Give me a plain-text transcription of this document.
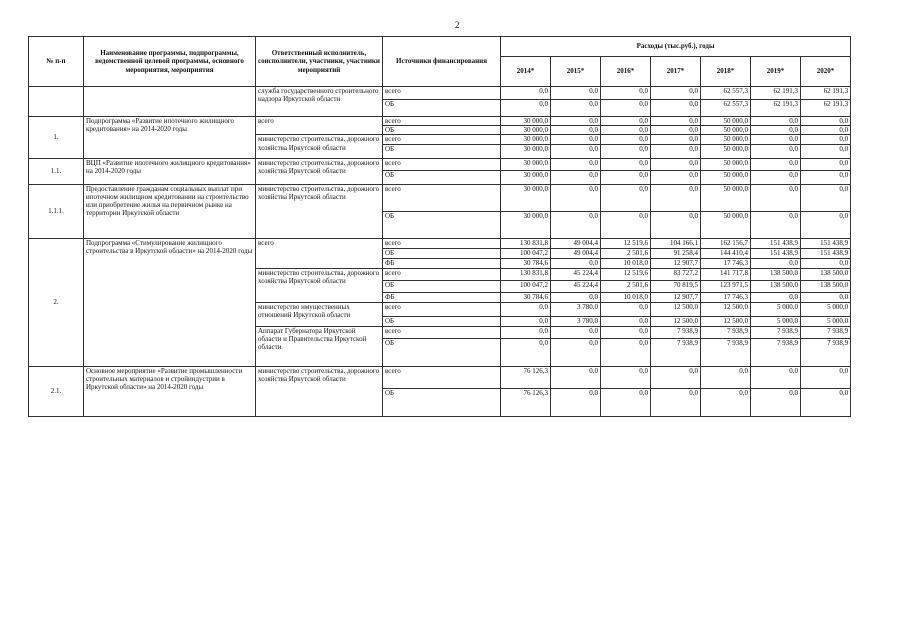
2
№ п-п	Наименование программы, подпрограммы, ведомственной целевой программы, основного мероприятия, мероприятия	Ответственный исполнитель, соисполнители, участники, участники мероприятий	Источники финансирования	Расходы (тыс.руб.), годы						
				2014*	2015*	2016*	2017*	2018*	2019*	2020*
		служба государственного строительного надзора Иркутской области	всего	0,0	0,0	0,0	0,0	62 557,3	62 191,3	62 191,3
			ОБ	0,0	0,0	0,0	0,0	62 557,3	62 191,3	62 191,3
1.	Подпрограмма «Развитие ипотечного жилищного кредитования» на 2014-2020 годы	всего	всего	30 000,0	0,0	0,0	0,0	50 000,0	0,0	0,0
			ОБ	30 000,0	0,0	0,0	0,0	50 000,0	0,0	0,0
		министерство строительства, дорожного хозяйства Иркутской области	всего	30 000,0	0,0	0,0	0,0	50 000,0	0,0	0,0
			ОБ	30 000,0	0,0	0,0	0,0	50 000,0	0,0	0,0
1.1.	ВЦП «Развитие ипотечного жилищного кредитования» на 2014-2020 годы	министерство строительства, дорожного хозяйства Иркутской области	всего	30 000,0	0,0	0,0	0,0	50 000,0	0,0	0,0
			ОБ	30 000,0	0,0	0,0	0,0	50 000,0	0,0	0,0
1.1.1.	Предоставление гражданам социальных выплат при ипотечном жилищном кредитовании на строительство или приобретение жилья на первичном рынке на территории Иркутской области	министерство строительства, дорожного хозяйства Иркутской области	всего	30 000,0	0,0	0,0	0,0	50 000,0	0,0	0,0
			ОБ	30 000,0	0,0	0,0	0,0	50 000,0	0,0	0,0
2.	Подпрограмма «Стимулирование жилищного строительства в Иркутской области» на 2014-2020 годы	всего	всего	130 831,8	49 004,4	12 519,6	104 166,1	162 156,7	151 438,9	151 438,9
			ОБ	100 047,2	49 004,4	2 501,6	91 258,4	144 410,4	151 438,9	151 438,9
			ФБ	30 784,6	0,0	10 018,0	12 907,7	17 746,3	0,0	0,0
		министерство строительства, дорожного хозяйства Иркутской области	всего	130 831,8	45 224,4	12 519,6	83 727,2	141 717,8	138 500,0	138 500,0
			ОБ	100 047,2	45 224,4	2 501,6	70 819,5	123 971,5	138 500,0	138 500,0
			ФБ	30 784,6	0,0	10 018,0	12 907,7	17 746,3	0,0	0,0
		министерство имущественных отношений Иркутской области	всего	0,0	3 780,0	0,0	12 500,0	12 500,0	5 000,0	5 000,0
			ОБ	0,0	3 780,0	0,0	12 500,0	12 500,0	5 000,0	5 000,0
		Аппарат Губернатора Иркутской области и Правительства Иркутской области	всего	0,0	0,0	0,0	7 938,9	7 938,9	7 938,9	7 938,9
			ОБ	0,0	0,0	0,0	7 938,9	7 938,9	7 938,9	7 938,9
2.1.	Основное мероприятие «Развитие промышленности строительных материалов и стройиндустрии в Иркутской области» на 2014-2020 годы	министерство строительства, дорожного хозяйства Иркутской области	всего	76 126,3	0,0	0,0	0,0	0,0	0,0	0,0
			ОБ	76 126,3	0,0	0,0	0,0	0,0	0,0	0,0
